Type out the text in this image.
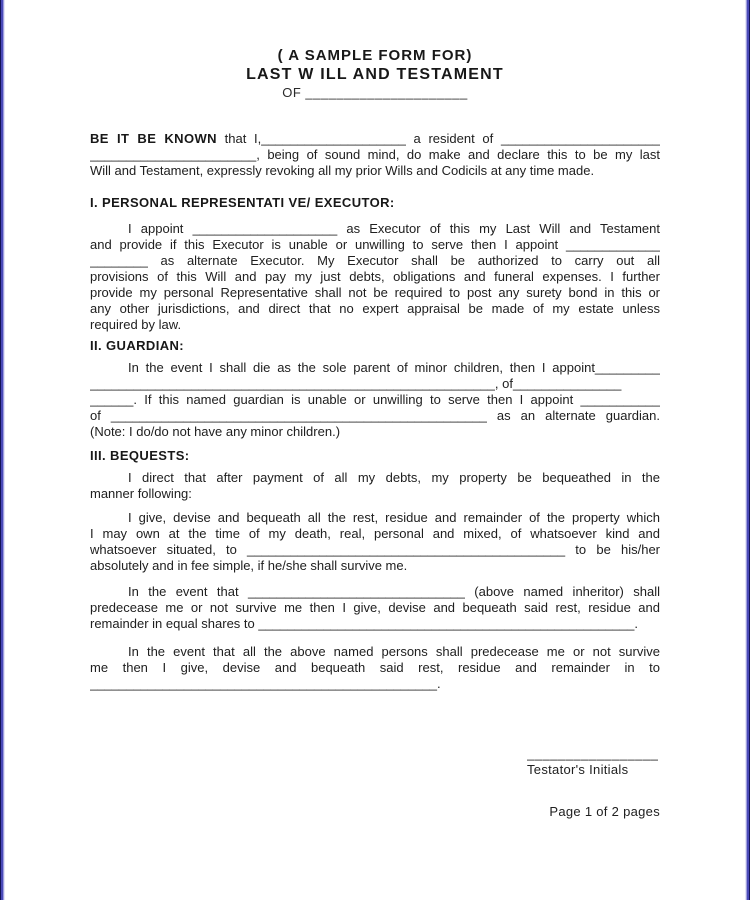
( A SAMPLE FORM FOR)
LAST W ILL AND TESTAMENT
OF _____________________
BE IT BE KNOWN that I,____________________ a resident of ______________________
_______________________, being of sound mind, do make and declare this to be my last
Will and Testament, expressly revoking all my prior Wills and Codicils at any time made.
I. PERSONAL REPRESENTATI VE/ EXECUTOR:
I appoint ____________________ as Executor of this my Last Will and Testament
and provide if this Executor is unable or unwilling to serve then I appoint _____________
________ as alternate Executor. My Executor shall be authorized to carry out all
provisions of this Will and pay my just debts, obligations and funeral expenses. I further
provide my personal Representative shall not be required to post any surety bond in this or
any other jurisdictions, and direct that no expert appraisal be made of my estate unless
required by law.
II. GUARDIAN:
In the event I shall die as the sole parent of minor children, then I appoint_________
________________________________________________________, of_______________
______. If this named guardian is unable or unwilling to serve then I appoint ___________
of ____________________________________________________ as an alternate guardian.
(Note: I do/do not have any minor children.)
III. BEQUESTS:
I direct that after payment of all my debts, my property be bequeathed in the
manner following:
I give, devise and bequeath all the rest, residue and remainder of the property which
I may own at the time of my death, real, personal and mixed, of whatsoever kind and
whatsoever situated, to ____________________________________________ to be his/her
absolutely and in fee simple, if he/she shall survive me.
In the event that ______________________________ (above named inheritor) shall
predecease me or not survive me then I give, devise and bequeath said rest, residue and
remainder in equal shares to ____________________________________________________.
In the event that all the above named persons shall predecease me or not survive
me then I give, devise and bequeath said rest, residue and remainder in to
________________________________________________.
_________________
Testator's Initials
Page 1 of 2 pages
